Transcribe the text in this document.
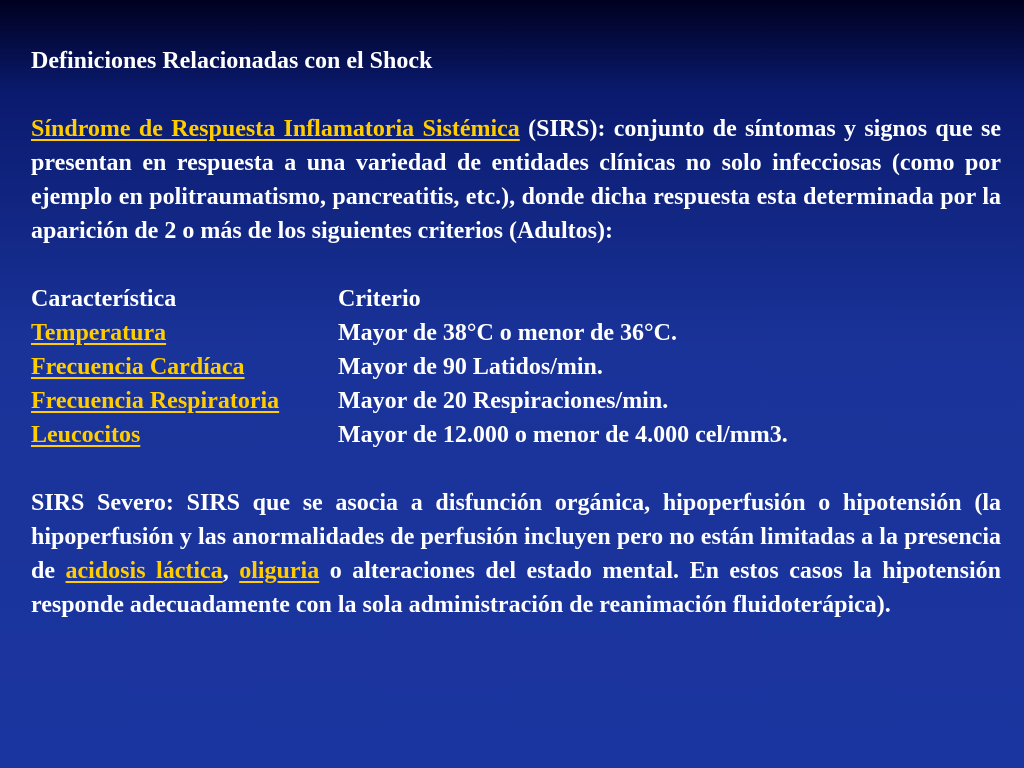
Definiciones Relacionadas con el Shock

Síndrome de Respuesta Inflamatoria Sistémica (SIRS): conjunto de síntomas y signos que se presentan en respuesta a una variedad de entidades clínicas no solo infecciosas (como por ejemplo en politraumatismo, pancreatitis, etc.), donde dicha respuesta esta determinada por la aparición de 2 o más de los siguientes criterios (Adultos):

Característica	Criterio
Temperatura	Mayor de 38°C o menor de 36°C.
Frecuencia Cardíaca	Mayor de 90 Latidos/min.
Frecuencia Respiratoria	Mayor de 20 Respiraciones/min.
Leucocitos	Mayor de 12.000 o menor de 4.000 cel/mm3.

SIRS Severo: SIRS que se asocia a disfunción orgánica, hipoperfusión o hipotensión (la hipoperfusión y las anormalidades de perfusión incluyen pero no están limitadas a la presencia de acidosis láctica, oliguria o alteraciones del estado mental. En estos casos la hipotensión responde adecuadamente con la sola administración de reanimación fluidoterápica).
